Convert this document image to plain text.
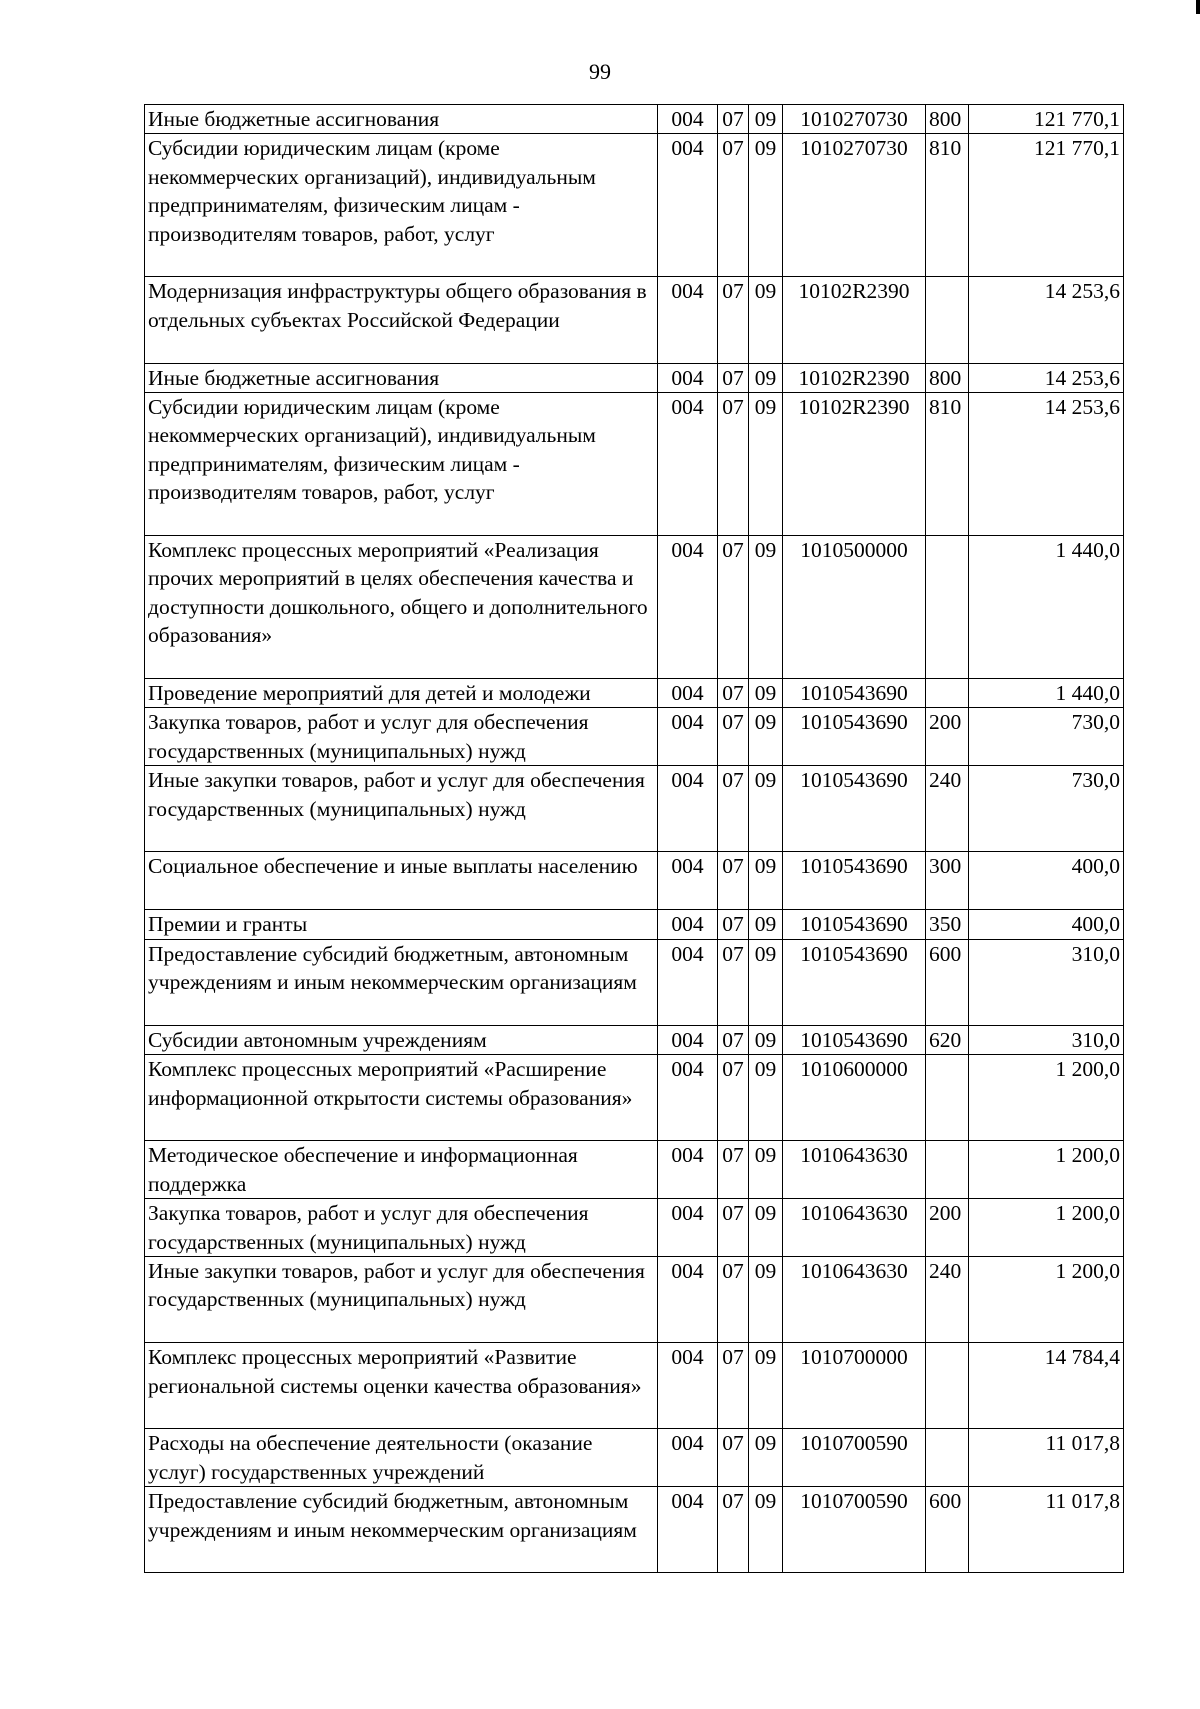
99
Иные бюджетные ассигнования	004	07	09	1010270730	800	121 770,1
Субсидии юридическим лицам (кроме некоммерческих организаций), индивидуальным предпринимателям, физическим лицам - производителям товаров, работ, услуг	004	07	09	1010270730	810	121 770,1
Модернизация инфраструктуры общего образования в отдельных субъектах Российской Федерации	004	07	09	10102R2390		14 253,6
Иные бюджетные ассигнования	004	07	09	10102R2390	800	14 253,6
Субсидии юридическим лицам (кроме некоммерческих организаций), индивидуальным предпринимателям, физическим лицам - производителям товаров, работ, услуг	004	07	09	10102R2390	810	14 253,6
Комплекс процессных мероприятий «Реализация прочих мероприятий в целях обеспечения качества и доступности дошкольного, общего и дополнительного образования»	004	07	09	1010500000		1 440,0
Проведение мероприятий для детей и молодежи	004	07	09	1010543690		1 440,0
Закупка товаров, работ и услуг для обеспечения государственных (муниципальных) нужд	004	07	09	1010543690	200	730,0
Иные закупки товаров, работ и услуг для обеспечения государственных (муниципальных) нужд	004	07	09	1010543690	240	730,0
Социальное обеспечение и иные выплаты населению	004	07	09	1010543690	300	400,0
Премии и гранты	004	07	09	1010543690	350	400,0
Предоставление субсидий бюджетным, автономным учреждениям и иным некоммерческим организациям	004	07	09	1010543690	600	310,0
Субсидии автономным учреждениям	004	07	09	1010543690	620	310,0
Комплекс процессных мероприятий «Расширение информационной открытости системы образования»	004	07	09	1010600000		1 200,0
Методическое обеспечение и информационная поддержка	004	07	09	1010643630		1 200,0
Закупка товаров, работ и услуг для обеспечения государственных (муниципальных) нужд	004	07	09	1010643630	200	1 200,0
Иные закупки товаров, работ и услуг для обеспечения государственных (муниципальных) нужд	004	07	09	1010643630	240	1 200,0
Комплекс процессных мероприятий «Развитие региональной системы оценки качества образования»	004	07	09	1010700000		14 784,4
Расходы на обеспечение деятельности (оказание услуг) государственных учреждений	004	07	09	1010700590		11 017,8
Предоставление субсидий бюджетным, автономным учреждениям и иным некоммерческим организациям	004	07	09	1010700590	600	11 017,8
